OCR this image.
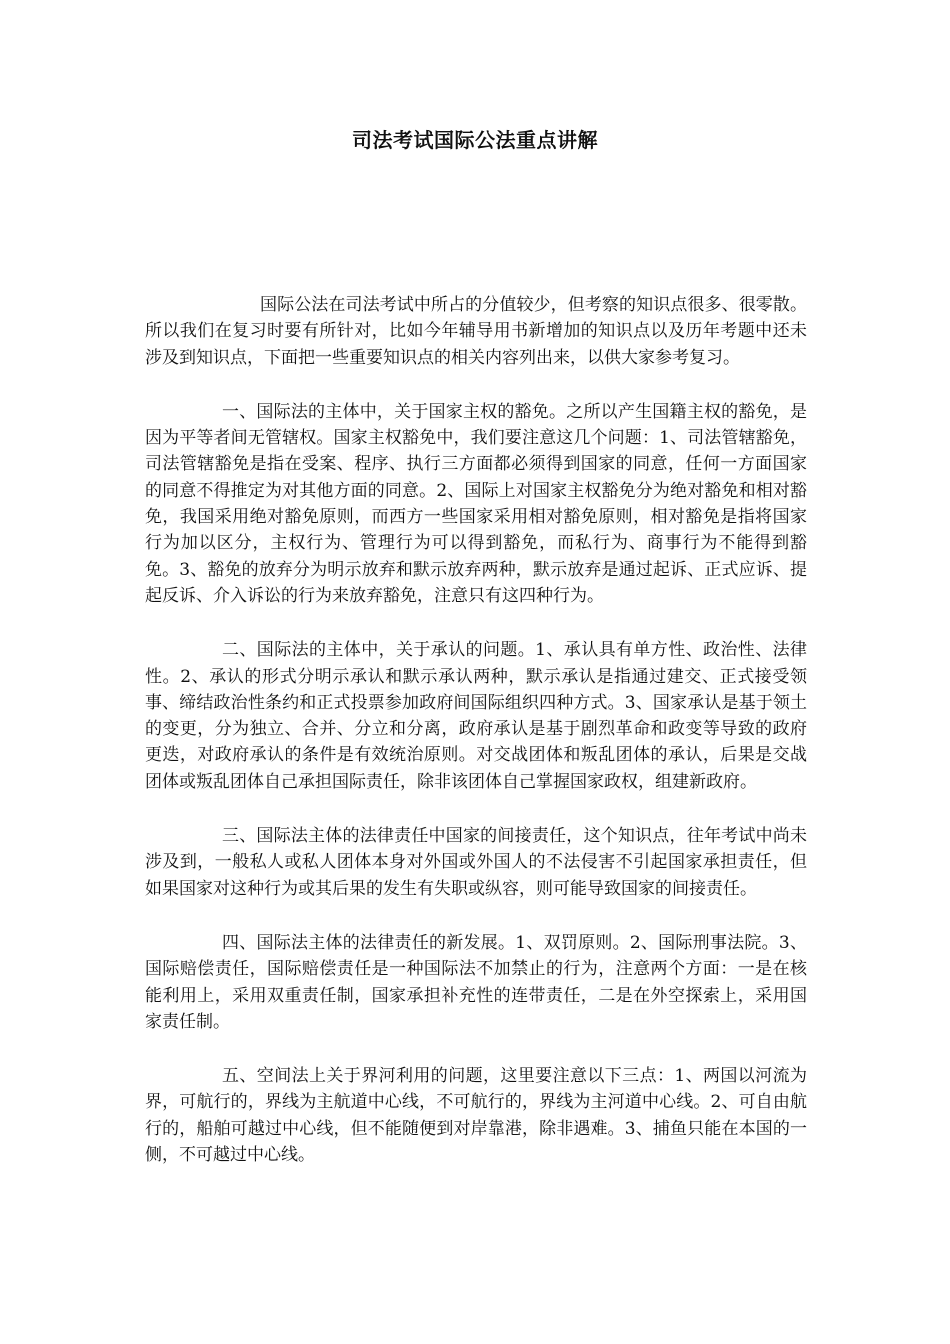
司法考试国际公法重点讲解

国际公法在司法考试中所占的分值较少，但考察的知识点很多、很零散。所以我们在复习时要有所针对，比如今年辅导用书新增加的知识点以及历年考题中还未涉及到知识点，下面把一些重要知识点的相关内容列出来，以供大家参考复习。

一、国际法的主体中，关于国家主权的豁免。之所以产生国籍主权的豁免，是因为平等者间无管辖权。国家主权豁免中，我们要注意这几个问题：1、司法管辖豁免，司法管辖豁免是指在受案、程序、执行三方面都必须得到国家的同意，任何一方面国家的同意不得推定为对其他方面的同意。2、国际上对国家主权豁免分为绝对豁免和相对豁免，我国采用绝对豁免原则，而西方一些国家采用相对豁免原则，相对豁免是指将国家行为加以区分，主权行为、管理行为可以得到豁免，而私行为、商事行为不能得到豁免。3、豁免的放弃分为明示放弃和默示放弃两种，默示放弃是通过起诉、正式应诉、提起反诉、介入诉讼的行为来放弃豁免，注意只有这四种行为。

二、国际法的主体中，关于承认的问题。1、承认具有单方性、政治性、法律性。2、承认的形式分明示承认和默示承认两种，默示承认是指通过建交、正式接受领事、缔结政治性条约和正式投票参加政府间国际组织四种方式。3、国家承认是基于领土的变更，分为独立、合并、分立和分离，政府承认是基于剧烈革命和政变等导致的政府更迭，对政府承认的条件是有效统治原则。对交战团体和叛乱团体的承认，后果是交战团体或叛乱团体自己承担国际责任，除非该团体自己掌握国家政权，组建新政府。

三、国际法主体的法律责任中国家的间接责任，这个知识点，往年考试中尚未涉及到，一般私人或私人团体本身对外国或外国人的不法侵害不引起国家承担责任，但如果国家对这种行为或其后果的发生有失职或纵容，则可能导致国家的间接责任。

四、国际法主体的法律责任的新发展。1、双罚原则。2、国际刑事法院。3、国际赔偿责任，国际赔偿责任是一种国际法不加禁止的行为，注意两个方面：一是在核能利用上，采用双重责任制，国家承担补充性的连带责任，二是在外空探索上，采用国家责任制。

五、空间法上关于界河利用的问题，这里要注意以下三点：1、两国以河流为界，可航行的，界线为主航道中心线，不可航行的，界线为主河道中心线。2、可自由航行的，船舶可越过中心线，但不能随便到对岸靠港，除非遇难。3、捕鱼只能在本国的一侧，不可越过中心线。
